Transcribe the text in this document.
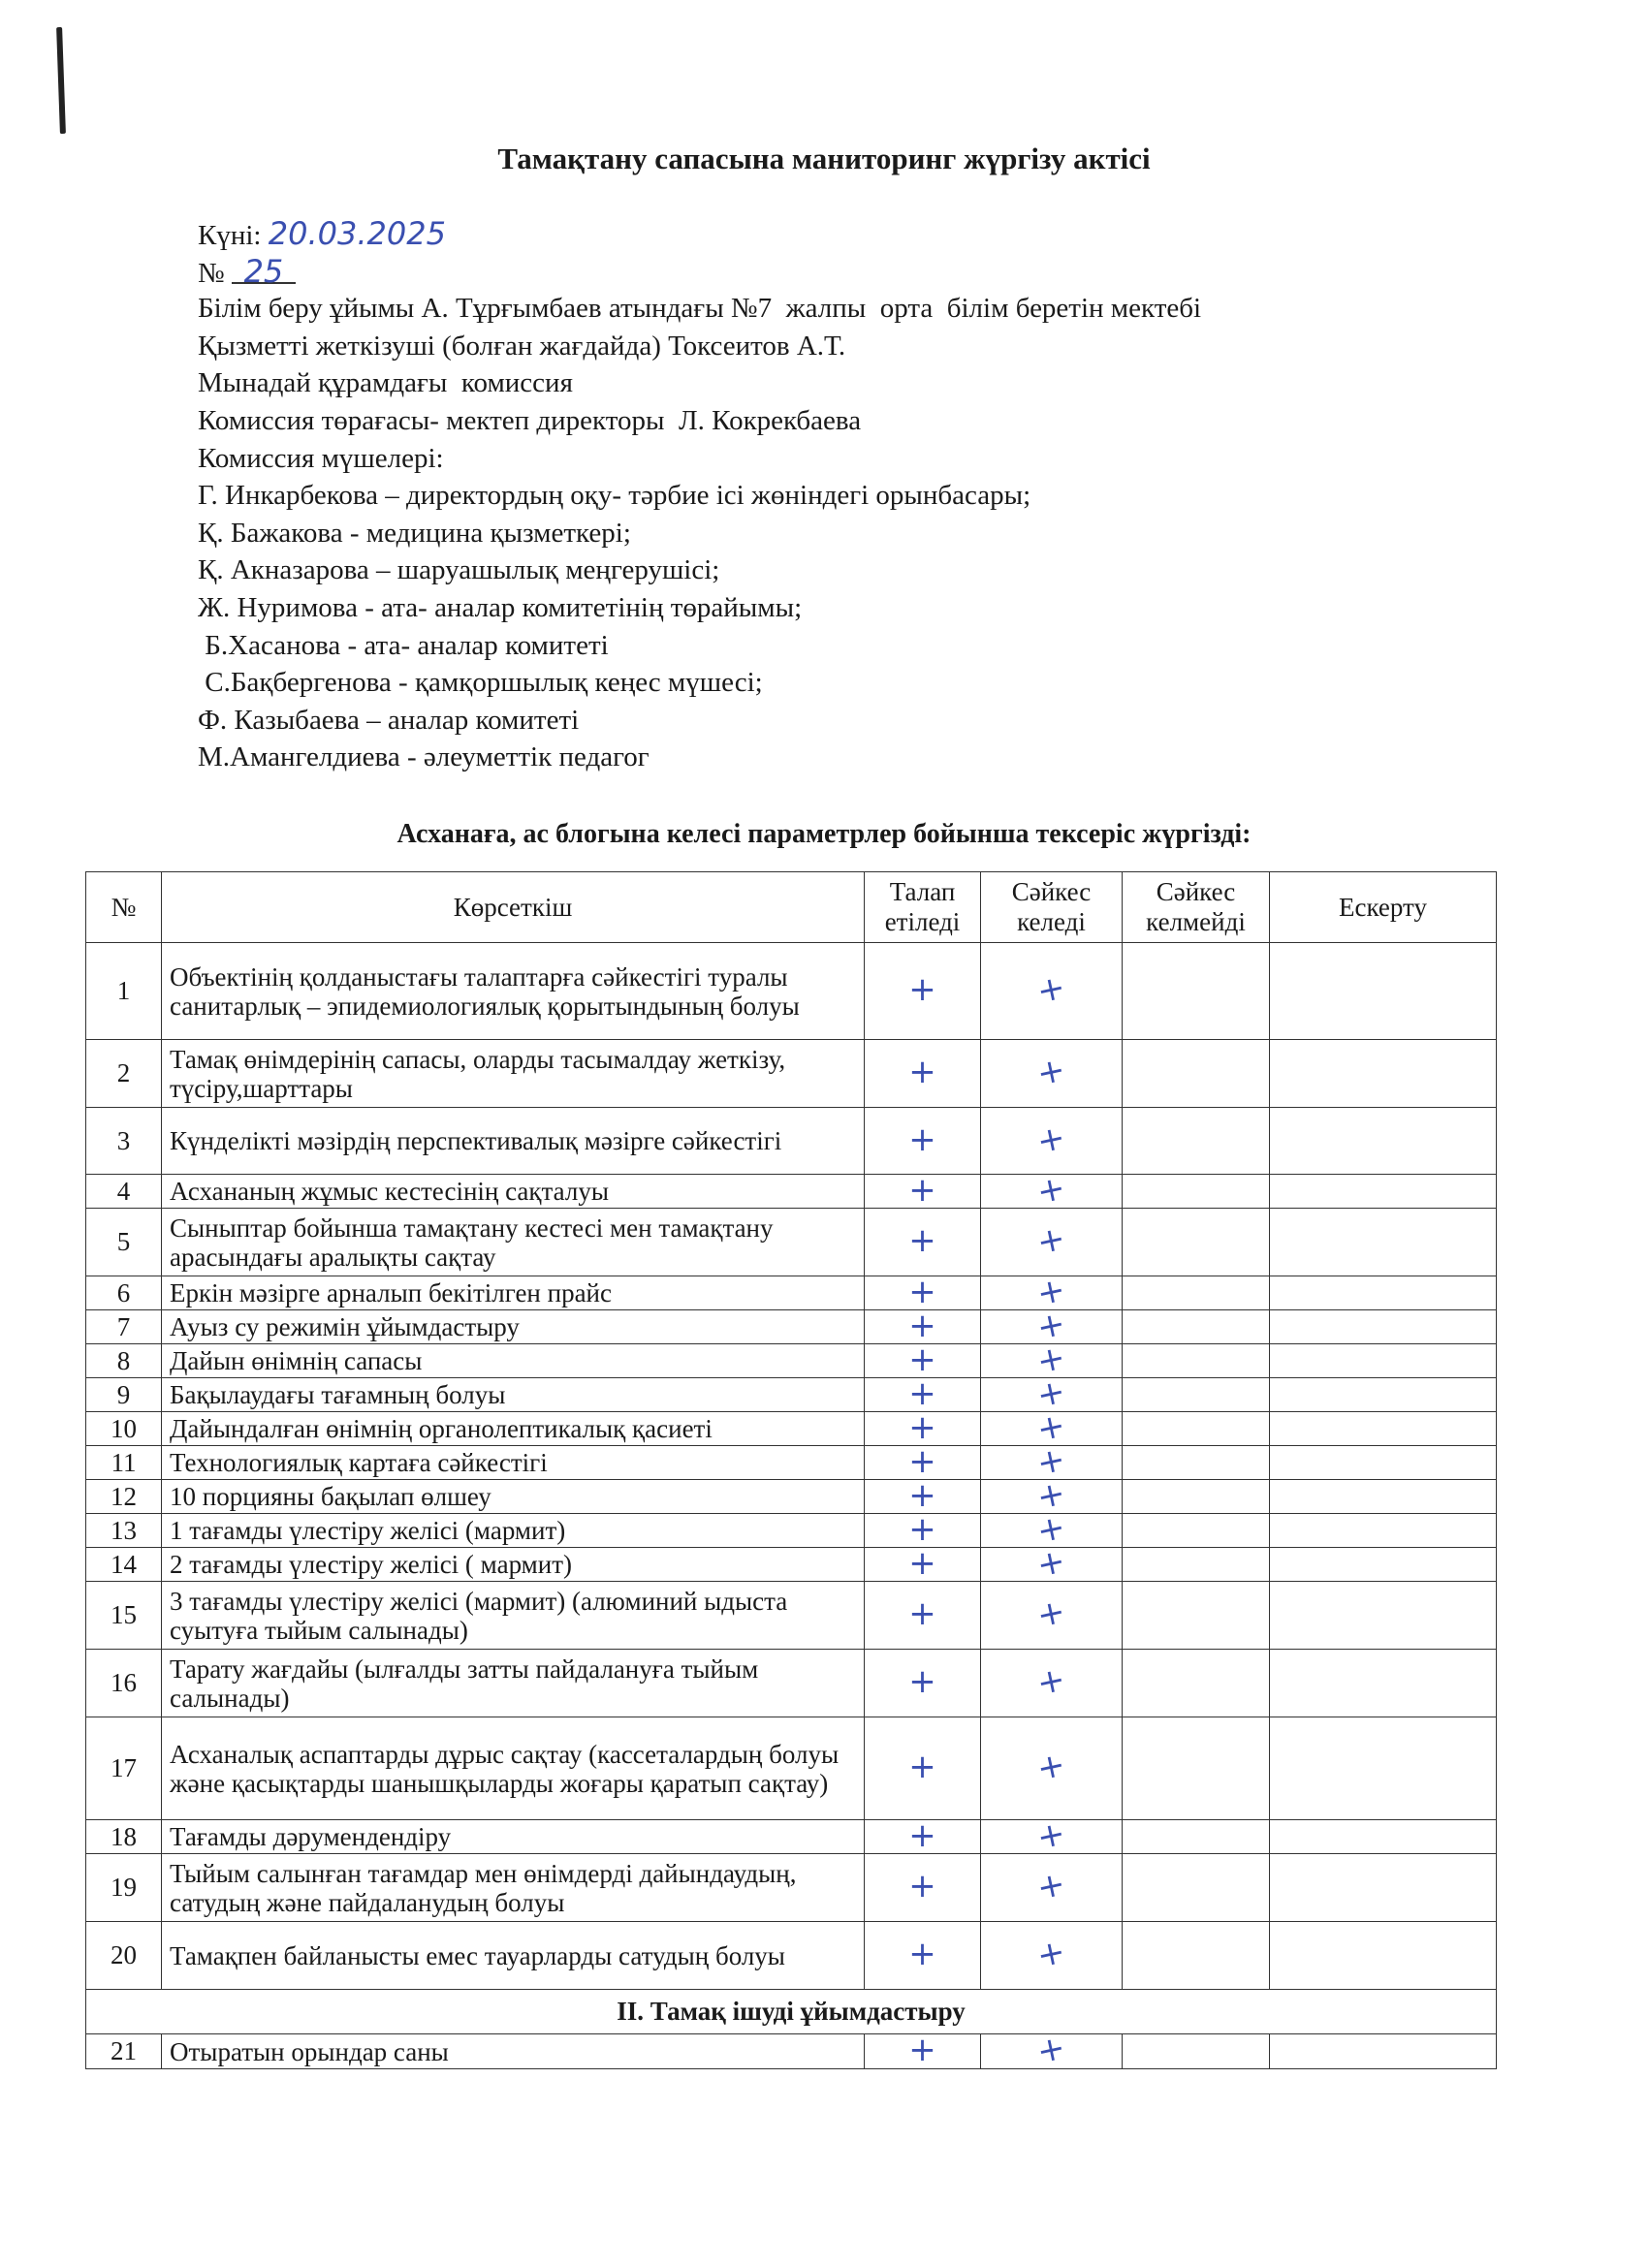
Тамақтану сапасына маниторинг жүргізу актісі
Күні: 20.03.2025
№ 25
Білім беру ұйымы А. Тұрғымбаев атындағы №7  жалпы  орта  білім беретін мектебі
Қызметті жеткізуші (болған жағдайда) Токсеитов А.Т.
Мынадай құрамдағы  комиссия
Комиссия төрағасы- мектеп директоры  Л. Кокрекбаева
Комиссия мүшелері:
Г. Инкарбекова – директордың оқу- тәрбие ісі жөніндегі орынбасары;
Қ. Бажакова - медицина қызметкері;
Қ. Акназарова – шаруашылық меңгерушісі;
Ж. Нуримова - ата- аналар комитетінің төрайымы;
Б.Хасанова - ата- аналар комитеті
С.Бақбергенова - қамқоршылық кеңес мүшесі;
Ф. Казыбаева – аналар комитеті
М.Амангелдиева - әлеуметтік педагог
Асханаға, ас блогына келесі параметрлер бойынша тексеріс жүргізді:
№	Көрсеткіш	Талап етіледі	Сәйкес келеді	Сәйкес келмейді	Ескерту
1	Объектінің қолданыстағы талаптарға сәйкестігі туралы санитарлық – эпидемиологиялық қорытындының болуы	+	+		
2	Тамақ өнімдерінің сапасы, оларды тасымалдау жеткізу, түсіру,шарттары	+	+		
3	Күнделікті мәзірдің перспективалық мәзірге сәйкестігі	+	+		
4	Асхананың жұмыс кестесінің сақталуы	+	+		
5	Сыныптар бойынша тамақтану кестесі мен тамақтану арасындағы аралықты сақтау	+	+		
6	Еркін мәзірге арналып бекітілген прайс	+	+		
7	Ауыз су режимін ұйымдастыру	+	+		
8	Дайын өнімнің сапасы	+	+		
9	Бақылаудағы тағамның болуы	+	+		
10	Дайындалған өнімнің органолептикалық қасиеті	+	+		
11	Технологиялық картаға сәйкестігі	+	+		
12	10 порцияны бақылап өлшеу	+	+		
13	1 тағамды үлестіру желісі (мармит)	+	+		
14	2 тағамды үлестіру желісі ( мармит)	+	+		
15	3 тағамды үлестіру желісі (мармит) (алюминий ыдыста суытуға тыйым салынады)	+	+		
16	Тарату жағдайы (ылғалды затты пайдалануға тыйым салынады)	+	+		
17	Асханалық аспаптарды дұрыс сақтау (кассеталардың болуы және қасықтарды шанышқыларды жоғары қаратып сақтау)	+	+		
18	Тағамды дәрумендендіру	+	+		
19	Тыйым салынған тағамдар мен өнімдерді дайындаудың, сатудың және пайдаланудың болуы	+	+		
20	Тамақпен байланысты емес тауарларды сатудың болуы	+	+		
ІІ. Тамақ ішуді ұйымдастыру					
21	Отыратын орындар саны	+	+		
